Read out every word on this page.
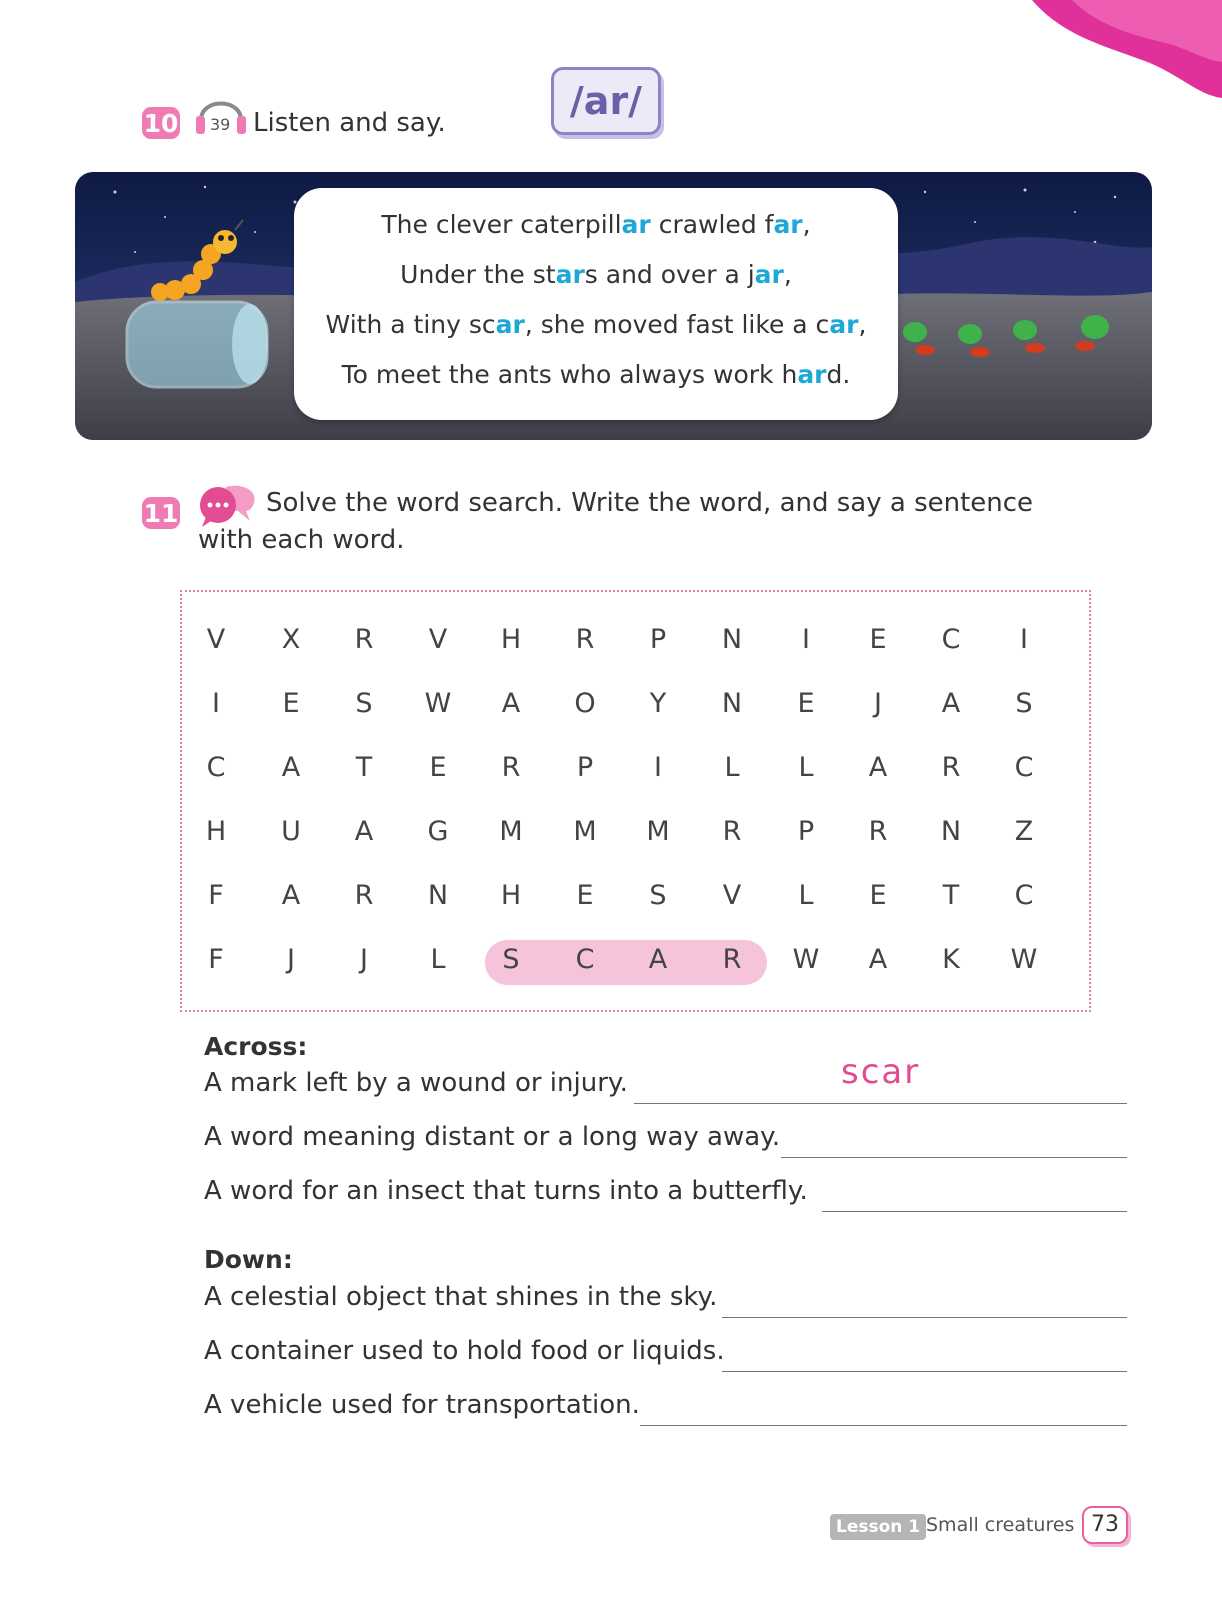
10 39 Listen and say.	/ar/
The clever caterpillar crawled far,
Under the stars and over a jar,
With a tiny scar, she moved fast like a car,
To meet the ants who always work hard.
11	Solve the word search. Write the word, and say a sentence
with each word.
V	X	R	V	H	R	P	N	I	E	C	I
I	E	S	W	A	O	Y	N	E	J	A	S
C	A	T	E	R	P	I	L	L	A	R	C
H	U	A	G	M	M	M	R	P	R	N	Z
F	A	R	N	H	E	S	V	L	E	T	C
F	J	J	L	S	C	A	R	W	A	K	W
Across:
A mark left by a wound or injury.	scar
A word meaning distant or a long way away.
A word for an insect that turns into a butterfly.
Down:
A celestial object that shines in the sky.
A container used to hold food or liquids.
A vehicle used for transportation.
Lesson 1 Small creatures 73
